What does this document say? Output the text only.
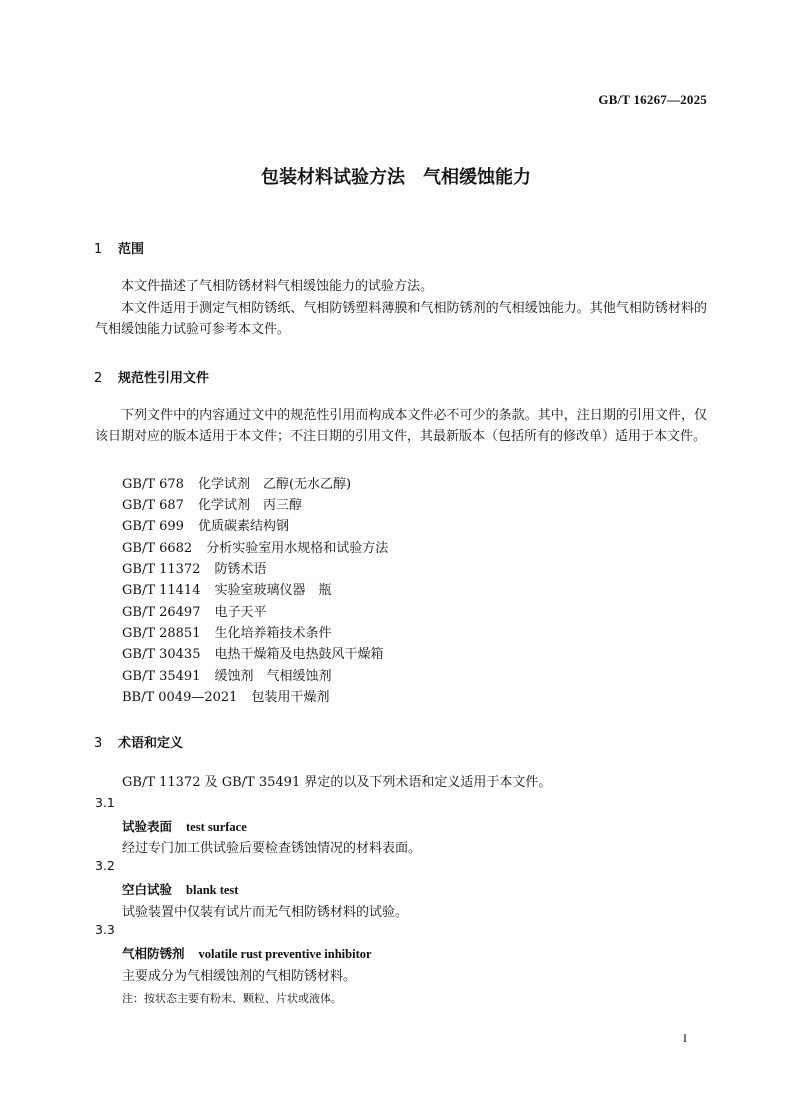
GB/T 16267—2025
包装材料试验方法　气相缓蚀能力
1 范围
本文件描述了气相防锈材料气相缓蚀能力的试验方法。
本文件适用于测定气相防锈纸、气相防锈塑料薄膜和气相防锈剂的气相缓蚀能力。其他气相防锈材料的气相缓蚀能力试验可参考本文件。
2 规范性引用文件
下列文件中的内容通过文中的规范性引用而构成本文件必不可少的条款。其中，注日期的引用文件，仅该日期对应的版本适用于本文件；不注日期的引用文件，其最新版本（包括所有的修改单）适用于本文件。
GB/T 678 化学试剂　乙醇(无水乙醇)
GB/T 687 化学试剂　丙三醇
GB/T 699 优质碳素结构钢
GB/T 6682 分析实验室用水规格和试验方法
GB/T 11372 防锈术语
GB/T 11414 实验室玻璃仪器　瓶
GB/T 26497 电子天平
GB/T 28851 生化培养箱技术条件
GB/T 30435 电热干燥箱及电热鼓风干燥箱
GB/T 35491 缓蚀剂　气相缓蚀剂
BB/T 0049—2021 包装用干燥剂
3 术语和定义
GB/T 11372 及 GB/T 35491 界定的以及下列术语和定义适用于本文件。
3.1
试验表面 test surface
经过专门加工供试验后要检查锈蚀情况的材料表面。
3.2
空白试验 blank test
试验装置中仅装有试片而无气相防锈材料的试验。
3.3
气相防锈剂 volatile rust preventive inhibitor
主要成分为气相缓蚀剂的气相防锈材料。
注：按状态主要有粉末、颗粒、片状或液体。
I
